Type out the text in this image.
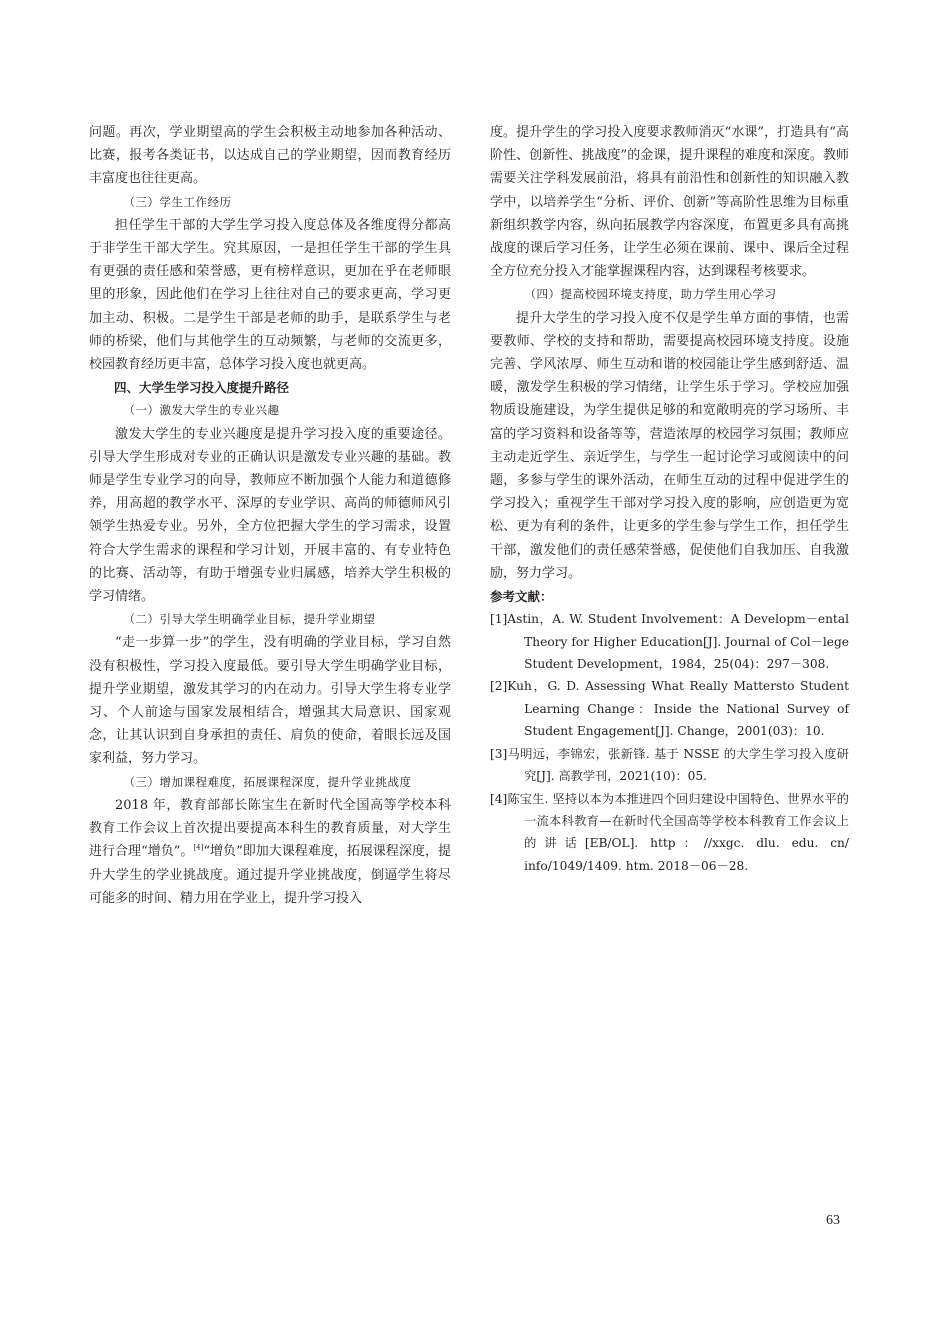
问题。再次，学业期望高的学生会积极主动地参加各种活动、比赛，报考各类证书，以达成自己的学业期望，因而教育经历丰富度也往往更高。

（三）学生工作经历

担任学生干部的大学生学习投入度总体及各维度得分都高于非学生干部大学生。究其原因，一是担任学生干部的学生具有更强的责任感和荣誉感，更有榜样意识，更加在乎在老师眼里的形象，因此他们在学习上往往对自己的要求更高，学习更加主动、积极。二是学生干部是老师的助手，是联系学生与老师的桥梁，他们与其他学生的互动频繁，与老师的交流更多，校园教育经历更丰富，总体学习投入度也就更高。

四、大学生学习投入度提升路径

（一）激发大学生的专业兴趣

激发大学生的专业兴趣度是提升学习投入度的重要途径。引导大学生形成对专业的正确认识是激发专业兴趣的基础。教师是学生专业学习的向导，教师应不断加强个人能力和道德修养，用高超的教学水平、深厚的专业学识、高尚的师德师风引领学生热爱专业。另外，全方位把握大学生的学习需求，设置符合大学生需求的课程和学习计划，开展丰富的、有专业特色的比赛、活动等，有助于增强专业归属感，培养大学生积极的学习情绪。

（二）引导大学生明确学业目标，提升学业期望

“走一步算一步”的学生，没有明确的学业目标，学习自然没有积极性，学习投入度最低。要引导大学生明确学业目标，提升学业期望，激发其学习的内在动力。引导大学生将专业学习、个人前途与国家发展相结合，增强其大局意识、国家观念，让其认识到自身承担的责任、肩负的使命，着眼长远及国家利益，努力学习。

（三）增加课程难度，拓展课程深度，提升学业挑战度

2018 年，教育部部长陈宝生在新时代全国高等学校本科教育工作会议上首次提出要提高本科生的教育质量，对大学生进行合理“增负”。[4]“增负”即加大课程难度，拓展课程深度，提升大学生的学业挑战度。通过提升学业挑战度，倒逼学生将尽可能多的时间、精力用在学业上，提升学习投入

度。提升学生的学习投入度要求教师消灭“水课”，打造具有“高阶性、创新性、挑战度”的金课，提升课程的难度和深度。教师需要关注学科发展前沿，将具有前沿性和创新性的知识融入教学中，以培养学生“分析、评价、创新”等高阶性思维为目标重新组织教学内容，纵向拓展教学内容深度，布置更多具有高挑战度的课后学习任务，让学生必须在课前、课中、课后全过程全方位充分投入才能掌握课程内容，达到课程考核要求。

（四）提高校园环境支持度，助力学生用心学习

提升大学生的学习投入度不仅是学生单方面的事情，也需要教师、学校的支持和帮助，需要提高校园环境支持度。设施完善、学风浓厚、师生互动和谐的校园能让学生感到舒适、温暖，激发学生积极的学习情绪，让学生乐于学习。学校应加强物质设施建设，为学生提供足够的和宽敞明亮的学习场所、丰富的学习资料和设备等等，营造浓厚的校园学习氛围；教师应主动走近学生、亲近学生，与学生一起讨论学习或阅读中的问题，多参与学生的课外活动，在师生互动的过程中促进学生的学习投入；重视学生干部对学习投入度的影响，应创造更为宽松、更为有利的条件，让更多的学生参与学生工作，担任学生干部，激发他们的责任感荣誉感，促使他们自我加压、自我激励，努力学习。

参考文献：

[1]Astin，A. W. Student Involvement：A Developm－ental Theory for Higher Education[J]. Journal of Col－lege Student Development，1984，25(04)：297－308.

[2]Kuh，G. D. Assessing What Really Mattersto Student Learning Change：Inside the National Survey of Student Engagement[J]. Change，2001(03)：10.

[3]马明远，李锦宏，张新锋. 基于 NSSE 的大学生学习投入度研究[J]. 高教学刊，2021(10)：05.

[4]陈宝生. 坚持以本为本推进四个回归建设中国特色、世界水平的一流本科教育—在新时代全国高等学校本科教育工作会议上的讲话[EB/OL]. http：//xxgc. dlu. edu. cn/ info/1049/1409. htm. 2018－06－28.

63
